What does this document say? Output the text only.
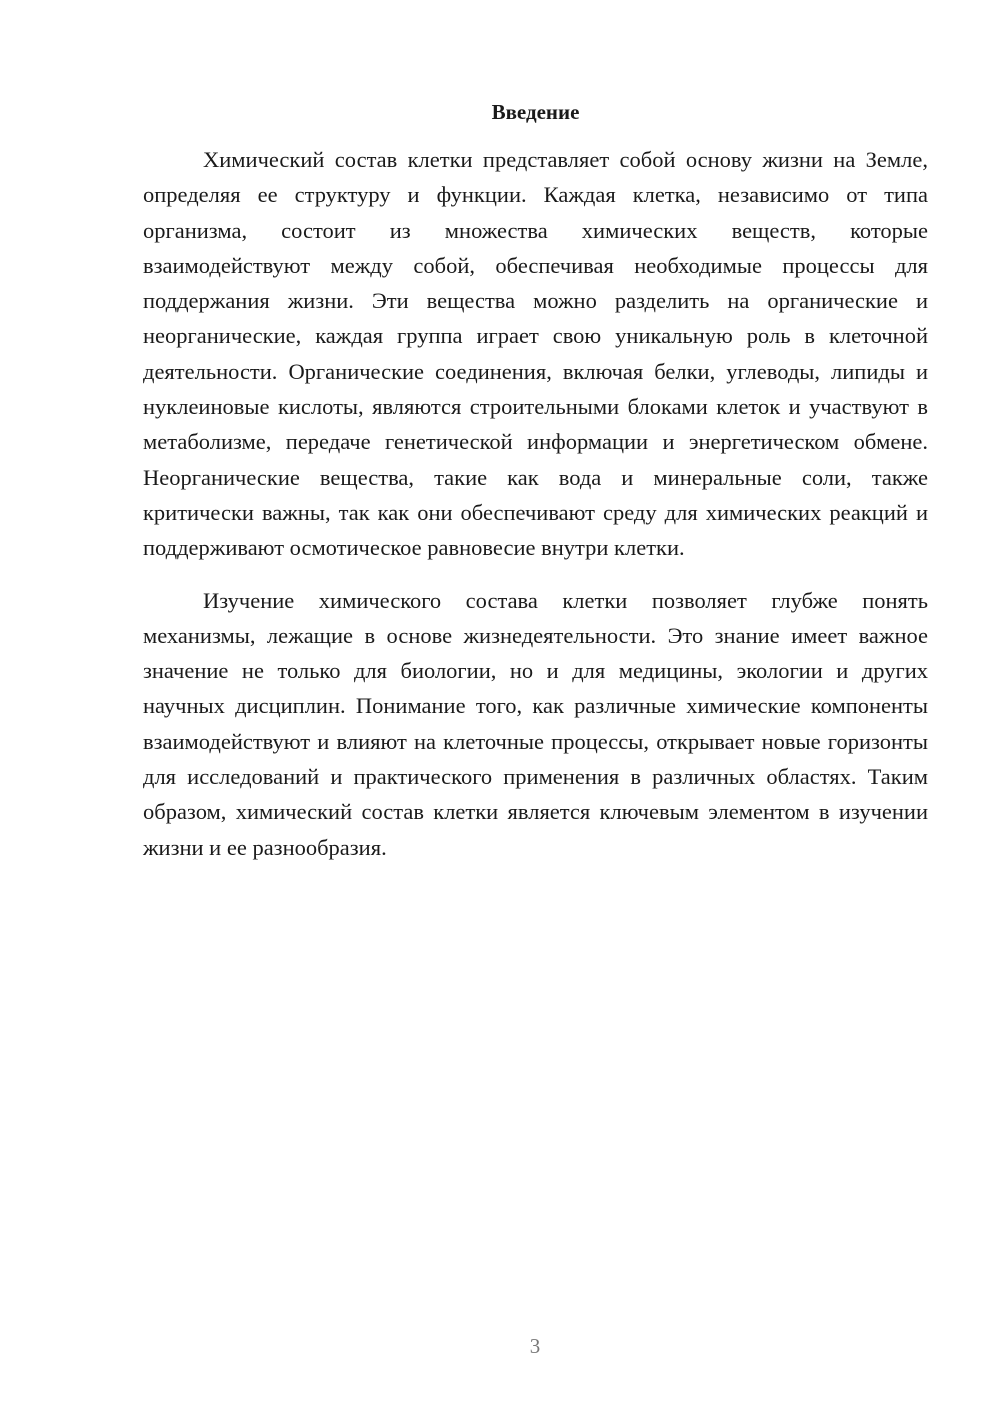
Введение

Химический состав клетки представляет собой основу жизни на Земле, определяя ее структуру и функции. Каждая клетка, независимо от типа организма, состоит из множества химических веществ, которые взаимодействуют между собой, обеспечивая необходимые процессы для поддержания жизни. Эти вещества можно разделить на органические и неорганические, каждая группа играет свою уникальную роль в клеточной деятельности. Органические соединения, включая белки, углеводы, липиды и нуклеиновые кислоты, являются строительными блоками клеток и участвуют в метаболизме, передаче генетической информации и энергетическом обмене. Неорганические вещества, такие как вода и минеральные соли, также критически важны, так как они обеспечивают среду для химических реакций и поддерживают осмотическое равновесие внутри клетки.

Изучение химического состава клетки позволяет глубже понять механизмы, лежащие в основе жизнедеятельности. Это знание имеет важное значение не только для биологии, но и для медицины, экологии и других научных дисциплин. Понимание того, как различные химические компоненты взаимодействуют и влияют на клеточные процессы, открывает новые горизонты для исследований и практического применения в различных областях. Таким образом, химический состав клетки является ключевым элементом в изучении жизни и ее разнообразия.

3
